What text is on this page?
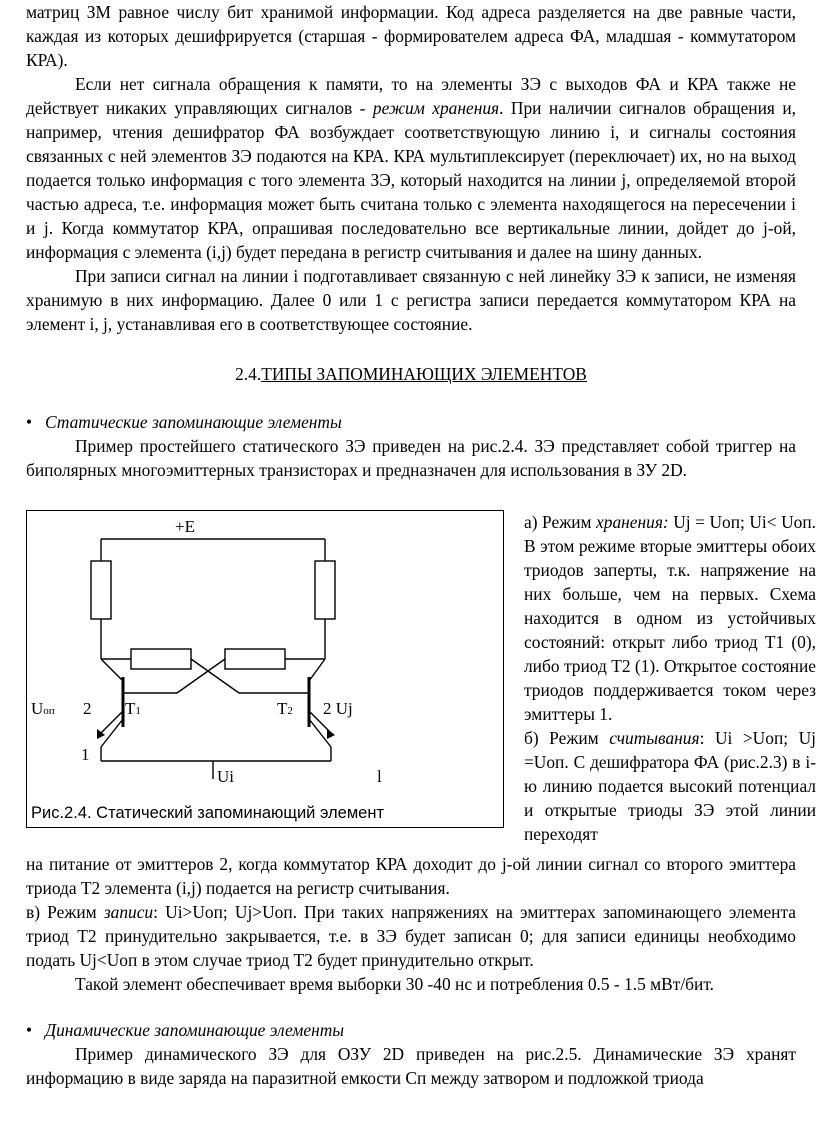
матриц ЗМ равное числу бит хранимой информации. Код адреса разделяется на две равные части, каждая из которых дешифрируется (старшая - формирователем адреса ФА, младшая - коммутатором КРА).

Если нет сигнала обращения к памяти, то на элементы ЗЭ с выходов ФА и КРА также не действует никаких управляющих сигналов - режим хранения. При наличии сигналов обращения и, например, чтения дешифратор ФА возбуждает соответствующую линию i, и сигналы состояния связанных с ней элементов ЗЭ подаются на КРА. КРА мультиплексирует (переключает) их, но на выход подается только информация с того элемента ЗЭ, который находится на линии j, определяемой второй частью адреса, т.е. информация может быть считана только с элемента находящегося на пересечении i и j. Когда коммутатор КРА, опрашивая последовательно все вертикальные линии, дойдет до j-ой, информация с элемента (i,j) будет передана в регистр считывания и далее на шину данных.

При записи сигнал на линии i подготавливает связанную с ней линейку ЗЭ к записи, не изменяя хранимую в них информацию. Далее 0 или 1 с регистра записи передается коммутатором КРА на элемент i, j, устанавливая его в соответствующее состояние.

2.4.ТИПЫ ЗАПОМИНАЮЩИХ ЭЛЕМЕНТОВ
• Статические запоминающие элементы

Пример простейшего статического ЗЭ приведен на рис.2.4. ЗЭ представляет собой триггер на биполярных многоэмиттерных транзисторах и предназначен для использования в ЗУ 2D.

+E
Uоп 2 T1	T2 2 Uj
1
Ui	l
Рис.2.4. Статический запоминающий элемент

а) Режим хранения: Uj = Uоп; Ui< Uоп. В этом режиме вторые эмиттеры обоих триодов заперты, т.к. напряжение на них больше, чем на первых. Схема находится в одном из устойчивых состояний: открыт либо триод T1 (0), либо триод T2 (1). Открытое состояние триодов поддерживается током через эмиттеры 1.

б) Режим считывания: Ui >Uоп; Uj =Uоп. С дешифратора ФА (рис.2.3) в i-ю линию подается высокий потенциал и открытые триоды ЗЭ этой линии переходят

на питание от эмиттеров 2, когда коммутатор КРА доходит до j-ой линии сигнал со второго эмиттера триода T2 элемента (i,j) подается на регистр считывания.

в) Режим записи: Ui>Uоп; Uj>Uоп. При таких напряжениях на эмиттерах запоминающего элемента триод T2 принудительно закрывается, т.е. в ЗЭ будет записан 0; для записи единицы необходимо подать Uj<Uоп в этом случае триод T2 будет принудительно открыт.

Такой элемент обеспечивает время выборки 30 -40 нс и потребления 0.5 - 1.5 мВт/бит.

• Динамические запоминающие элементы

Пример динамического ЗЭ для ОЗУ 2D приведен на рис.2.5. Динамические ЗЭ хранят информацию в виде заряда на паразитной емкости Cп между затвором и подложкой триода
